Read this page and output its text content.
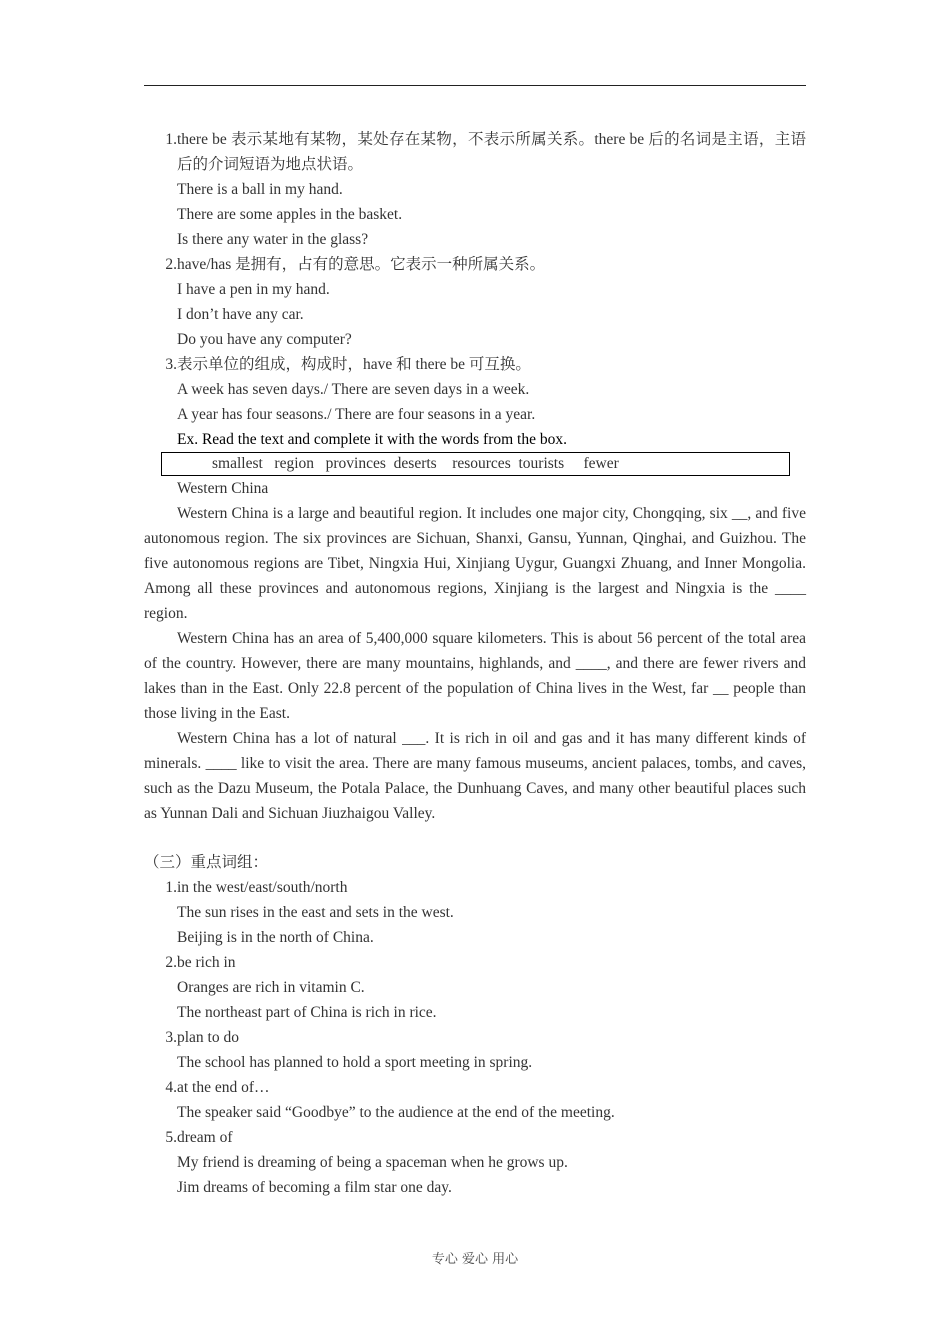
1. there be 表示某地有某物，某处存在某物，不表示所属关系。there be 后的名词是主语，主语后的介词短语为地点状语。
There is a ball in my hand.
There are some apples in the basket.
Is there any water in the glass?
2. have/has 是拥有，占有的意思。它表示一种所属关系。
I have a pen in my hand.
I don’t have any car.
Do you have any computer?
3. 表示单位的组成，构成时，have 和 there be 可互换。
A week has seven days./ There are seven days in a week.
A year has four seasons./ There are four seasons in a year.
Ex. Read the text and complete it with the words from the box.
smallest   region   provinces  deserts    resources  tourists     fewer
Western China
Western China is a large and beautiful region. It includes one major city, Chongqing, six __, and five autonomous region. The six provinces are Sichuan, Shanxi, Gansu, Yunnan, Qinghai, and Guizhou. The five autonomous regions are Tibet, Ningxia Hui, Xinjiang Uygur, Guangxi Zhuang, and Inner Mongolia. Among all these provinces and autonomous regions, Xinjiang is the largest and Ningxia is the ____ region.
Western China has an area of 5,400,000 square kilometers. This is about 56 percent of the total area of the country. However, there are many mountains, highlands, and ____, and there are fewer rivers and lakes than in the East. Only 22.8 percent of the population of China lives in the West, far __ people than those living in the East.
Western China has a lot of natural ___. It is rich in oil and gas and it has many different kinds of minerals. ____ like to visit the area. There are many famous museums, ancient palaces, tombs, and caves, such as the Dazu Museum, the Potala Palace, the Dunhuang Caves, and many other beautiful places such as Yunnan Dali and Sichuan Jiuzhaigou Valley.
（三）重点词组：
1. in the west/east/south/north
The sun rises in the east and sets in the west.
Beijing is in the north of China.
2. be rich in
Oranges are rich in vitamin C.
The northeast part of China is rich in rice.
3. plan to do
The school has planned to hold a sport meeting in spring.
4. at the end of…
The speaker said “Goodbye” to the audience at the end of the meeting.
5. dream of
My friend is dreaming of being a spaceman when he grows up.
Jim dreams of becoming a film star one day.
专心 爱心 用心
